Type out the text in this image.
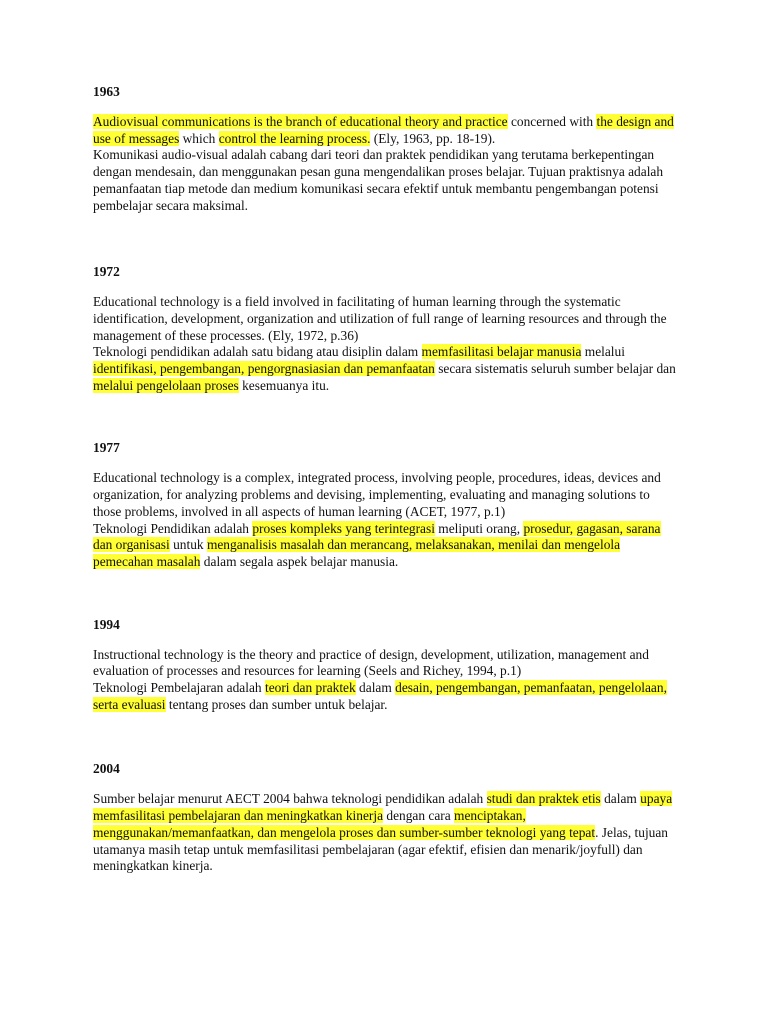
1963

Audiovisual communications is the branch of educational theory and practice concerned with the design and use of messages which control the learning process. (Ely, 1963, pp. 18-19).

Komunikasi audio-visual adalah cabang dari teori dan praktek pendidikan yang terutama berkepentingan dengan mendesain, dan menggunakan pesan guna mengendalikan proses belajar. Tujuan praktisnya adalah pemanfaatan tiap metode dan medium komunikasi secara efektif untuk membantu pengembangan potensi pembelajar secara maksimal.

1972

Educational technology is a field involved in facilitating of human learning through the systematic identification, development, organization and utilization of full range of learning resources and through the management of these processes. (Ely, 1972, p.36)

Teknologi pendidikan adalah satu bidang atau disiplin dalam memfasilitasi belajar manusia melalui identifikasi, pengembangan, pengorgnasiasian dan pemanfaatan secara sistematis seluruh sumber belajar dan melalui pengelolaan proses kesemuanya itu.

1977

Educational technology is a complex, integrated process, involving people, procedures, ideas, devices and organization, for analyzing problems and devising, implementing, evaluating and managing solutions to those problems, involved in all aspects of human learning (ACET, 1977, p.1)

Teknologi Pendidikan adalah proses kompleks yang terintegrasi meliputi orang, prosedur, gagasan, sarana dan organisasi untuk menganalisis masalah dan merancang, melaksanakan, menilai dan mengelola pemecahan masalah dalam segala aspek belajar manusia.

1994

Instructional technology is the theory and practice of design, development, utilization, management and evaluation of processes and resources for learning (Seels and Richey, 1994, p.1)

Teknologi Pembelajaran adalah teori dan praktek dalam desain, pengembangan, pemanfaatan, pengelolaan, serta evaluasi tentang proses dan sumber untuk belajar.

2004

Sumber belajar menurut AECT 2004 bahwa teknologi pendidikan adalah studi dan praktek etis dalam upaya memfasilitasi pembelajaran dan meningkatkan kinerja dengan cara menciptakan, menggunakan/memanfaatkan, dan mengelola proses dan sumber-sumber teknologi yang tepat. Jelas, tujuan utamanya masih tetap untuk memfasilitasi pembelajaran (agar efektif, efisien dan menarik/joyfull) dan meningkatkan kinerja.
